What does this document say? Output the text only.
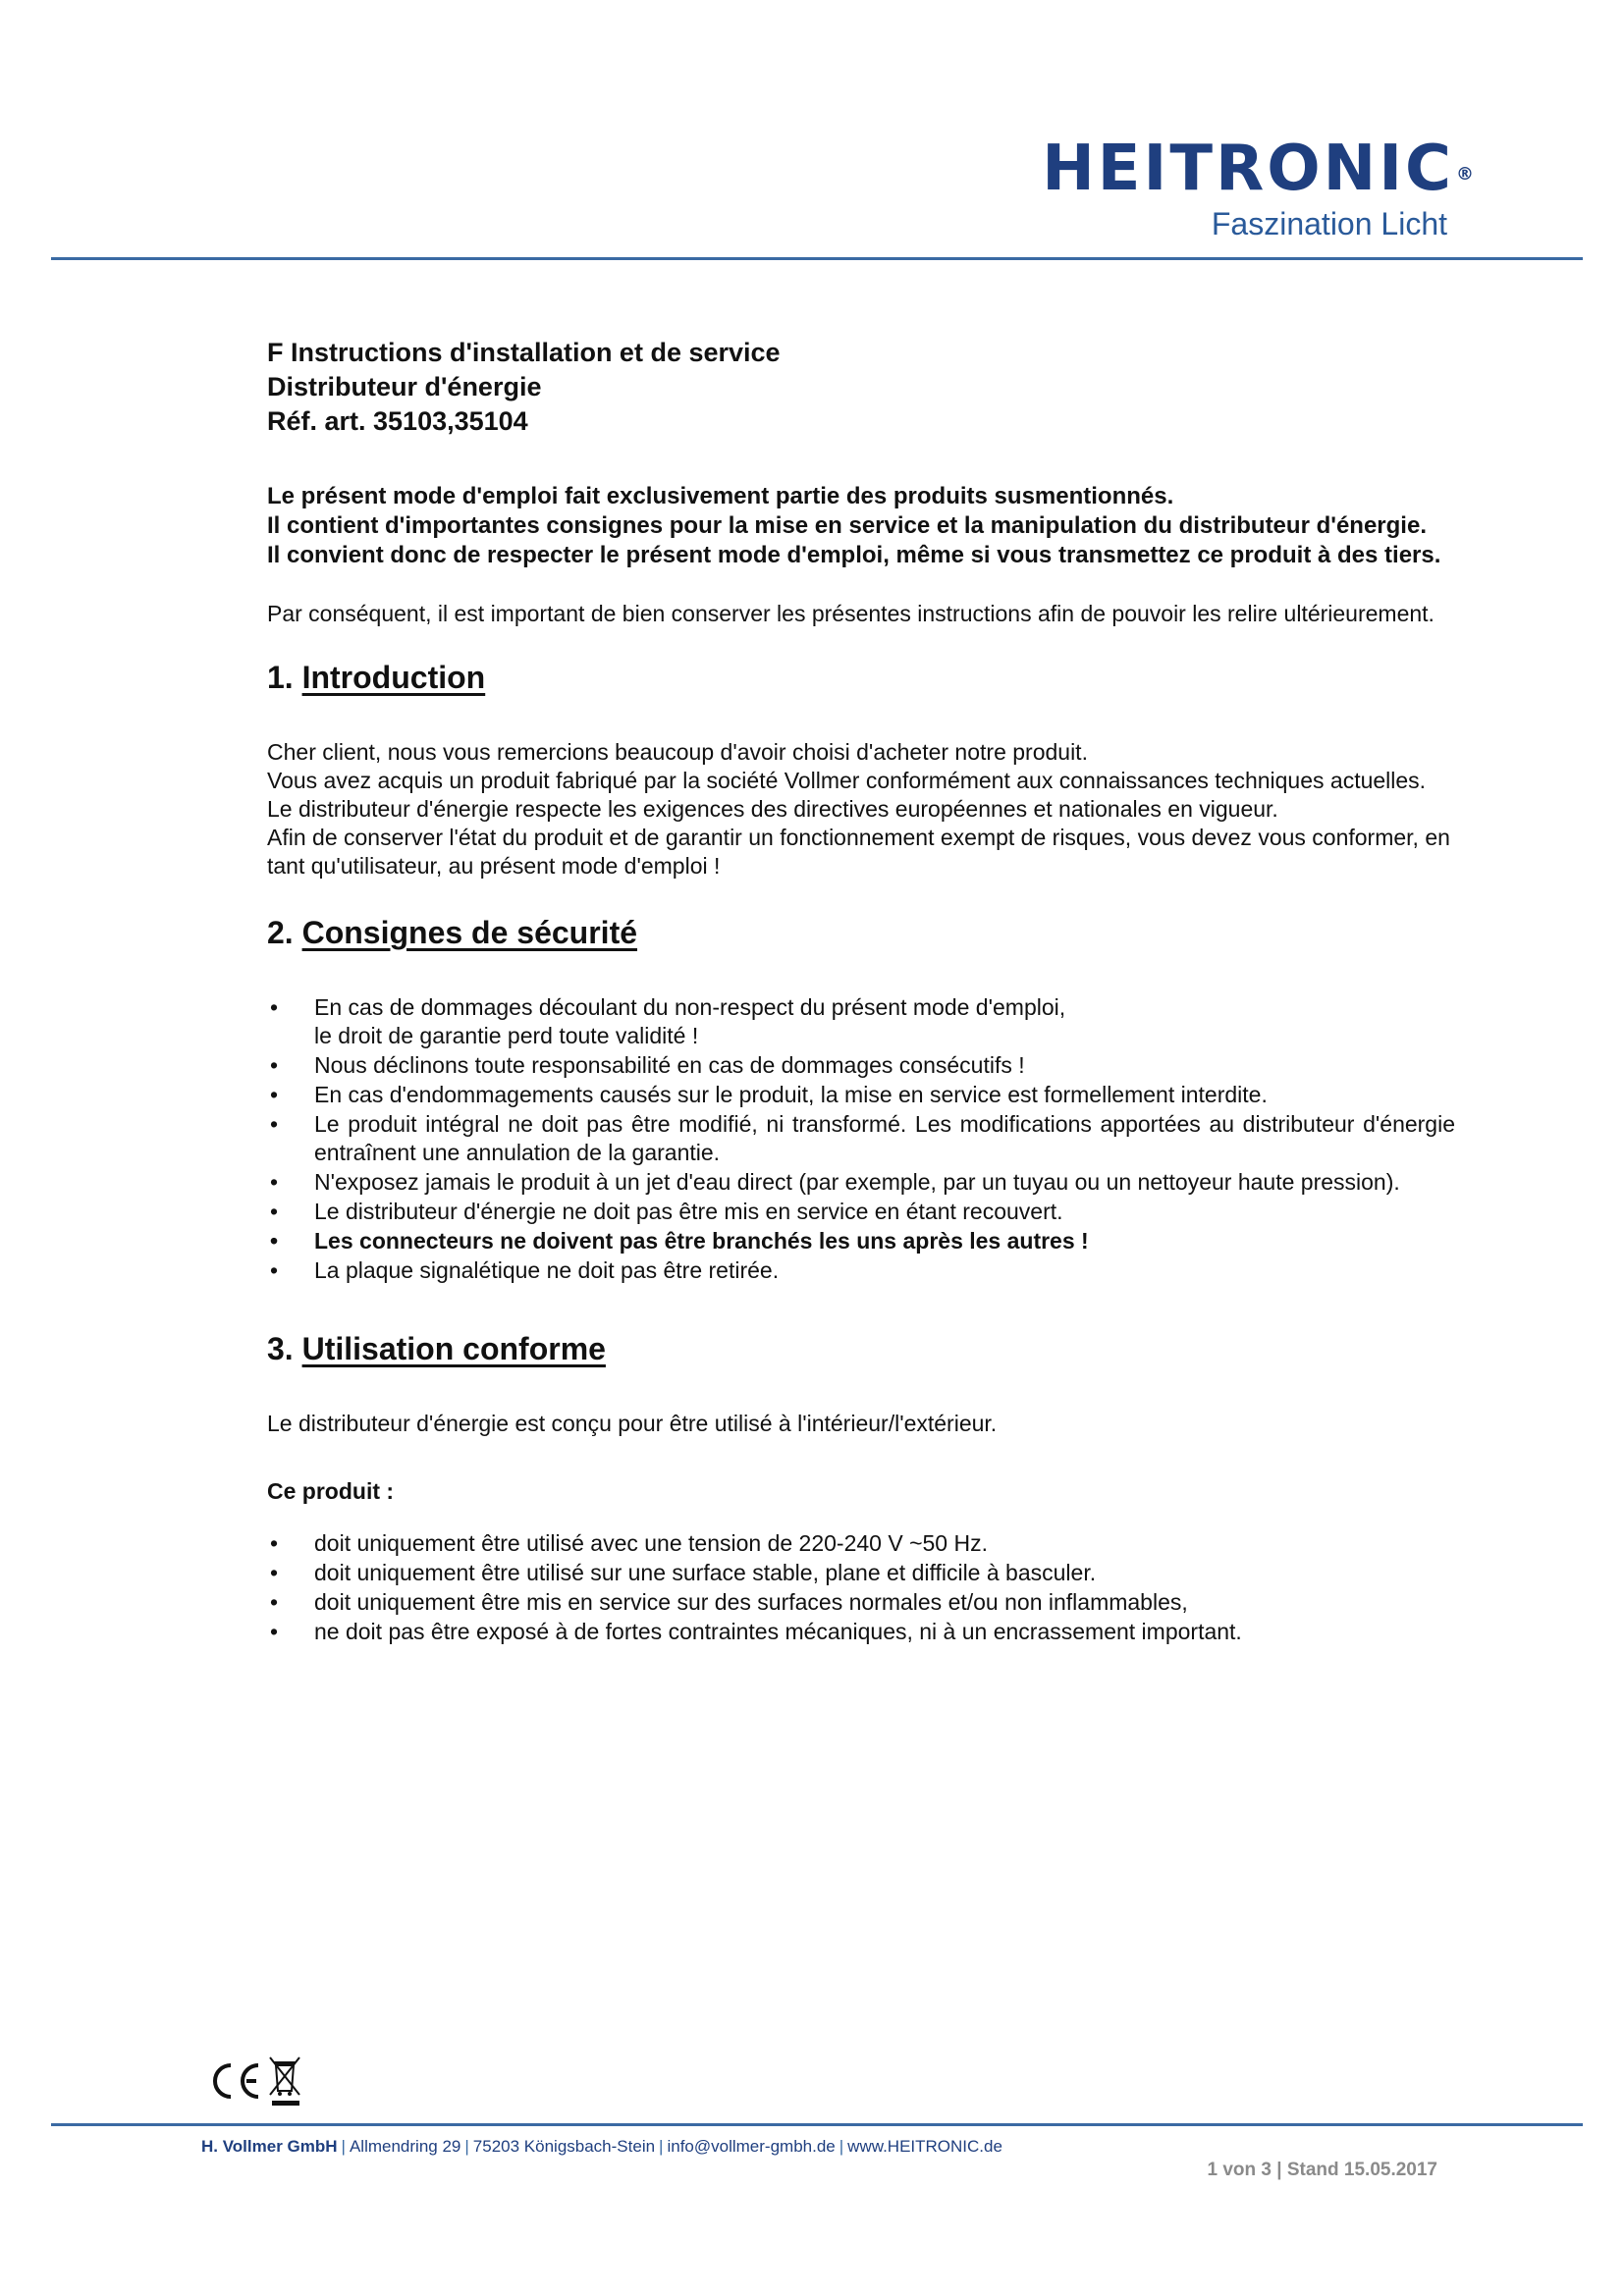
HEITRONIC ®
Faszination Licht

F Instructions d'installation et de service

Distributeur d'énergie

Réf. art. 35103,35104

Le présent mode d'emploi fait exclusivement partie des produits susmentionnés.

Il contient d'importantes consignes pour la mise en service et la manipulation du distributeur d'énergie.

Il convient donc de respecter le présent mode d'emploi, même si vous transmettez ce produit à des tiers.

Par conséquent, il est important de bien conserver les présentes instructions afin de pouvoir les relire ultérieurement.

1. Introduction

Cher client, nous vous remercions beaucoup d'avoir choisi d'acheter notre produit.

Vous avez acquis un produit fabriqué par la société Vollmer conformément aux connaissances techniques actuelles.

Le distributeur d'énergie respecte les exigences des directives européennes et nationales en vigueur.

Afin de conserver l'état du produit et de garantir un fonctionnement exempt de risques, vous devez vous conformer, en tant qu'utilisateur, au présent mode d'emploi !

2. Consignes de sécurité
• En cas de dommages découlant du non-respect du présent mode d'emploi,
le droit de garantie perd toute validité !
• Nous déclinons toute responsabilité en cas de dommages consécutifs !
• En cas d'endommagements causés sur le produit, la mise en service est formellement interdite.
• Le produit intégral ne doit pas être modifié, ni transformé. Les modifications apportées au distributeur d'énergie entraînent une annulation de la garantie.
• N'exposez jamais le produit à un jet d'eau direct (par exemple, par un tuyau ou un nettoyeur haute pression).
• Le distributeur d'énergie ne doit pas être mis en service en étant recouvert.
• Les connecteurs ne doivent pas être branchés les uns après les autres !
• La plaque signalétique ne doit pas être retirée.
3. Utilisation conforme

Le distributeur d'énergie est conçu pour être utilisé à l'intérieur/l'extérieur.

Ce produit :
• doit uniquement être utilisé avec une tension de 220-240 V ~50 Hz.
• doit uniquement être utilisé sur une surface stable, plane et difficile à basculer.
• doit uniquement être mis en service sur des surfaces normales et/ou non inflammables,
• ne doit pas être exposé à de fortes contraintes mécaniques, ni à un encrassement important.
H. Vollmer GmbH | Allmendring 29 | 75203 Königsbach-Stein | info@vollmer-gmbh.de | www.HEITRONIC.de
1 von 3 | Stand 15.05.2017
